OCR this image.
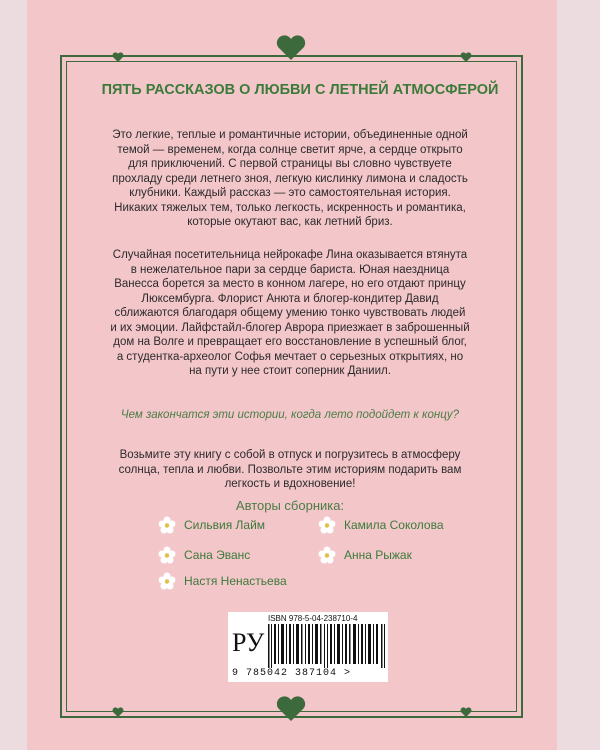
ПЯТЬ РАССКАЗОВ О ЛЮБВИ С ЛЕТНЕЙ АТМОСФЕРОЙ
Это легкие, теплые и романтичные истории, объединенные одной темой — временем, когда солнце светит ярче, а сердце открыто для приключений. С первой страницы вы словно чувствуете прохладу среди летнего зноя, легкую кислинку лимона и сладость клубники. Каждый рассказ — это самостоятельная история. Никаких тяжелых тем, только легкость, искренность и романтика, которые окутают вас, как летний бриз.
Случайная посетительница нейрокафе Лина оказывается втянута в нежелательное пари за сердце бариста. Юная наездница Ванесса борется за место в конном лагере, но его отдают принцу Люксембурга. Флорист Анюта и блогер-кондитер Давид сближаются благодаря общему умению тонко чувствовать людей и их эмоции. Лайфстайл-блогер Аврора приезжает в заброшенный дом на Волге и превращает его восстановление в успешный блог, а студентка-археолог Софья мечтает о серьезных открытиях, но на пути у нее стоит соперник Даниил.
Чем закончатся эти истории, когда лето подойдет к концу?
Возьмите эту книгу с собой в отпуск и погрузитесь в атмосферу солнца, тепла и любви. Позвольте этим историям подарить вам легкость и вдохновение!
Авторы сборника:
Сильвия Лайм	Камила Соколова
Сана Эванс	Анна Рыжак
Настя Ненастьева
ISBN 978-5-04-238710-4
РУ
9 785042 387104 >
